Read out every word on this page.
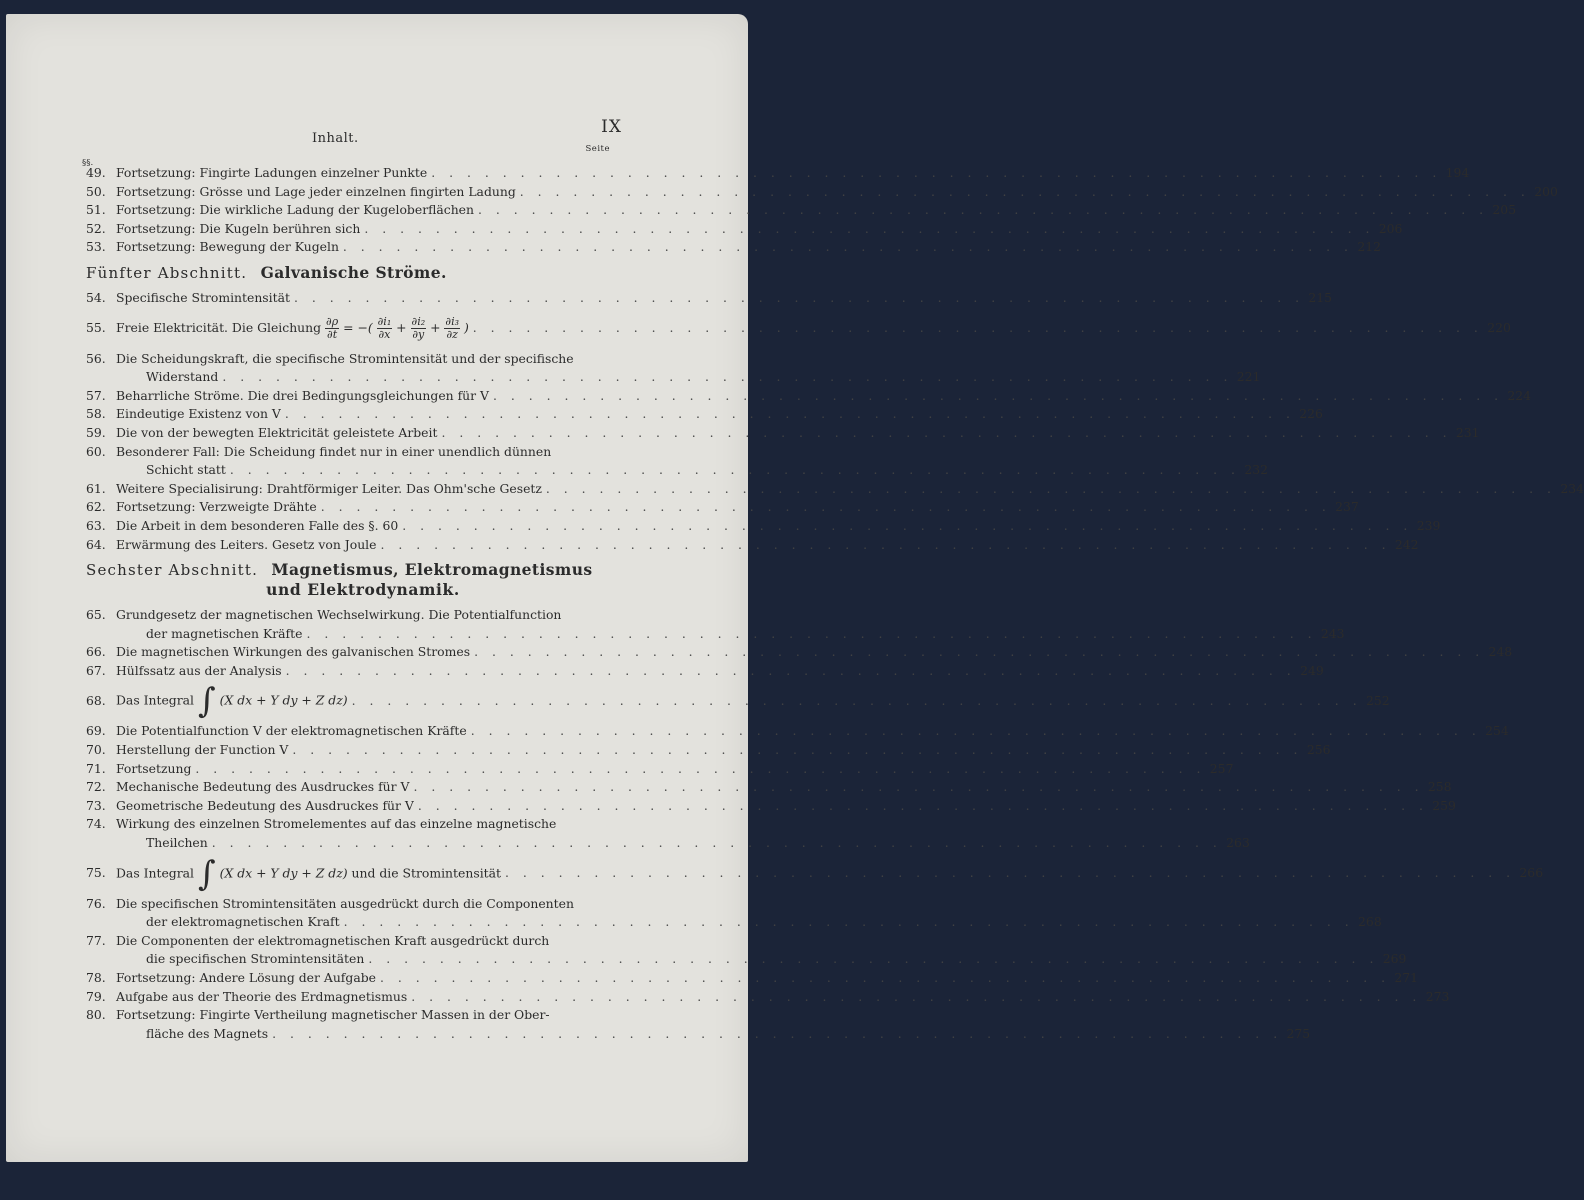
Inhalt.
IX
§§.
Seite
49. Fortsetzung: Fingirte Ladungen einzelner Punkte . . . . . . . . . . . . . . . . . . . . . . . . . . . . . . . . . . . . . . . . . . . . . . . . . . . . . . . . . 194
50. Fortsetzung: Grösse und Lage jeder einzelnen fingirten Ladung . . . . . . . . . . . . . . . . . . . . . . . . . . . . . . . . . . . . . . . . . . . . . . . . . . . . . . . . . 200
51. Fortsetzung: Die wirkliche Ladung der Kugeloberflächen . . . . . . . . . . . . . . . . . . . . . . . . . . . . . . . . . . . . . . . . . . . . . . . . . . . . . . . . . 205
52. Fortsetzung: Die Kugeln berühren sich . . . . . . . . . . . . . . . . . . . . . . . . . . . . . . . . . . . . . . . . . . . . . . . . . . . . . . . . . 206
53. Fortsetzung: Bewegung der Kugeln . . . . . . . . . . . . . . . . . . . . . . . . . . . . . . . . . . . . . . . . . . . . . . . . . . . . . . . . . 212
Fünfter Abschnitt. Galvanische Ströme.
54. Specifische Stromintensität . . . . . . . . . . . . . . . . . . . . . . . . . . . . . . . . . . . . . . . . . . . . . . . . . . . . . . . . . 215
55. Freie Elektricität. Die Gleichung $\frac{\partial\rho}{\partial t}$ = −( $\frac{\text{∂i₁}}{\partial x} + \frac{\text{∂i₂}}{\partial y} + \frac{\text{∂i₃}}{\partial z}$ ) . . . . . . . . . . . . . . . . . . . . . . . . . . . . . . . . . . . . . . . . . . . . . . . . . . . . . . . . . 220
56. Die Scheidungskraft, die specifische Stromintensität und der specifische
Widerstand . . . . . . . . . . . . . . . . . . . . . . . . . . . . . . . . . . . . . . . . . . . . . . . . . . . . . . . . . 221
57. Beharrliche Ströme. Die drei Bedingungsgleichungen für V . . . . . . . . . . . . . . . . . . . . . . . . . . . . . . . . . . . . . . . . . . . . . . . . . . . . . . . . . 224
58. Eindeutige Existenz von V . . . . . . . . . . . . . . . . . . . . . . . . . . . . . . . . . . . . . . . . . . . . . . . . . . . . . . . . . 226
59. Die von der bewegten Elektricität geleistete Arbeit . . . . . . . . . . . . . . . . . . . . . . . . . . . . . . . . . . . . . . . . . . . . . . . . . . . . . . . . . 231
60. Besonderer Fall: Die Scheidung findet nur in einer unendlich dünnen
Schicht statt . . . . . . . . . . . . . . . . . . . . . . . . . . . . . . . . . . . . . . . . . . . . . . . . . . . . . . . . . 232
61. Weitere Specialisirung: Drahtförmiger Leiter. Das Ohm'sche Gesetz . . . . . . . . . . . . . . . . . . . . . . . . . . . . . . . . . . . . . . . . . . . . . . . . . . . . . . . . . 234
62. Fortsetzung: Verzweigte Drähte . . . . . . . . . . . . . . . . . . . . . . . . . . . . . . . . . . . . . . . . . . . . . . . . . . . . . . . . . 237
63. Die Arbeit in dem besonderen Falle des §. 60 . . . . . . . . . . . . . . . . . . . . . . . . . . . . . . . . . . . . . . . . . . . . . . . . . . . . . . . . . 239
64. Erwärmung des Leiters. Gesetz von Joule . . . . . . . . . . . . . . . . . . . . . . . . . . . . . . . . . . . . . . . . . . . . . . . . . . . . . . . . . 242
Sechster Abschnitt. Magnetismus, Elektromagnetismus
und Elektrodynamik.
65. Grundgesetz der magnetischen Wechselwirkung. Die Potentialfunction
der magnetischen Kräfte . . . . . . . . . . . . . . . . . . . . . . . . . . . . . . . . . . . . . . . . . . . . . . . . . . . . . . . . . 243
66. Die magnetischen Wirkungen des galvanischen Stromes . . . . . . . . . . . . . . . . . . . . . . . . . . . . . . . . . . . . . . . . . . . . . . . . . . . . . . . . . 248
67. Hülfssatz aus der Analysis . . . . . . . . . . . . . . . . . . . . . . . . . . . . . . . . . . . . . . . . . . . . . . . . . . . . . . . . . 249
68. Das Integral ∫ (X dx + Y dy + Z dz) . . . . . . . . . . . . . . . . . . . . . . . . . . . . . . . . . . . . . . . . . . . . . . . . . . . . . . . . . 252
69. Die Potentialfunction V der elektromagnetischen Kräfte . . . . . . . . . . . . . . . . . . . . . . . . . . . . . . . . . . . . . . . . . . . . . . . . . . . . . . . . . 254
70. Herstellung der Function V . . . . . . . . . . . . . . . . . . . . . . . . . . . . . . . . . . . . . . . . . . . . . . . . . . . . . . . . . 256
71. Fortsetzung . . . . . . . . . . . . . . . . . . . . . . . . . . . . . . . . . . . . . . . . . . . . . . . . . . . . . . . . . 257
72. Mechanische Bedeutung des Ausdruckes für V . . . . . . . . . . . . . . . . . . . . . . . . . . . . . . . . . . . . . . . . . . . . . . . . . . . . . . . . . 258
73. Geometrische Bedeutung des Ausdruckes für V . . . . . . . . . . . . . . . . . . . . . . . . . . . . . . . . . . . . . . . . . . . . . . . . . . . . . . . . . 259
74. Wirkung des einzelnen Stromelementes auf das einzelne magnetische
Theilchen . . . . . . . . . . . . . . . . . . . . . . . . . . . . . . . . . . . . . . . . . . . . . . . . . . . . . . . . . 263
75. Das Integral ∫ (X dx + Y dy + Z dz) und die Stromintensität . . . . . . . . . . . . . . . . . . . . . . . . . . . . . . . . . . . . . . . . . . . . . . . . . . . . . . . . . 266
76. Die specifischen Stromintensitäten ausgedrückt durch die Componenten
der elektromagnetischen Kraft . . . . . . . . . . . . . . . . . . . . . . . . . . . . . . . . . . . . . . . . . . . . . . . . . . . . . . . . . 268
77. Die Componenten der elektromagnetischen Kraft ausgedrückt durch
die specifischen Stromintensitäten . . . . . . . . . . . . . . . . . . . . . . . . . . . . . . . . . . . . . . . . . . . . . . . . . . . . . . . . . 269
78. Fortsetzung: Andere Lösung der Aufgabe . . . . . . . . . . . . . . . . . . . . . . . . . . . . . . . . . . . . . . . . . . . . . . . . . . . . . . . . . 271
79. Aufgabe aus der Theorie des Erdmagnetismus . . . . . . . . . . . . . . . . . . . . . . . . . . . . . . . . . . . . . . . . . . . . . . . . . . . . . . . . . 273
80. Fortsetzung: Fingirte Vertheilung magnetischer Massen in der Ober-
fläche des Magnets . . . . . . . . . . . . . . . . . . . . . . . . . . . . . . . . . . . . . . . . . . . . . . . . . . . . . . . . . 275
